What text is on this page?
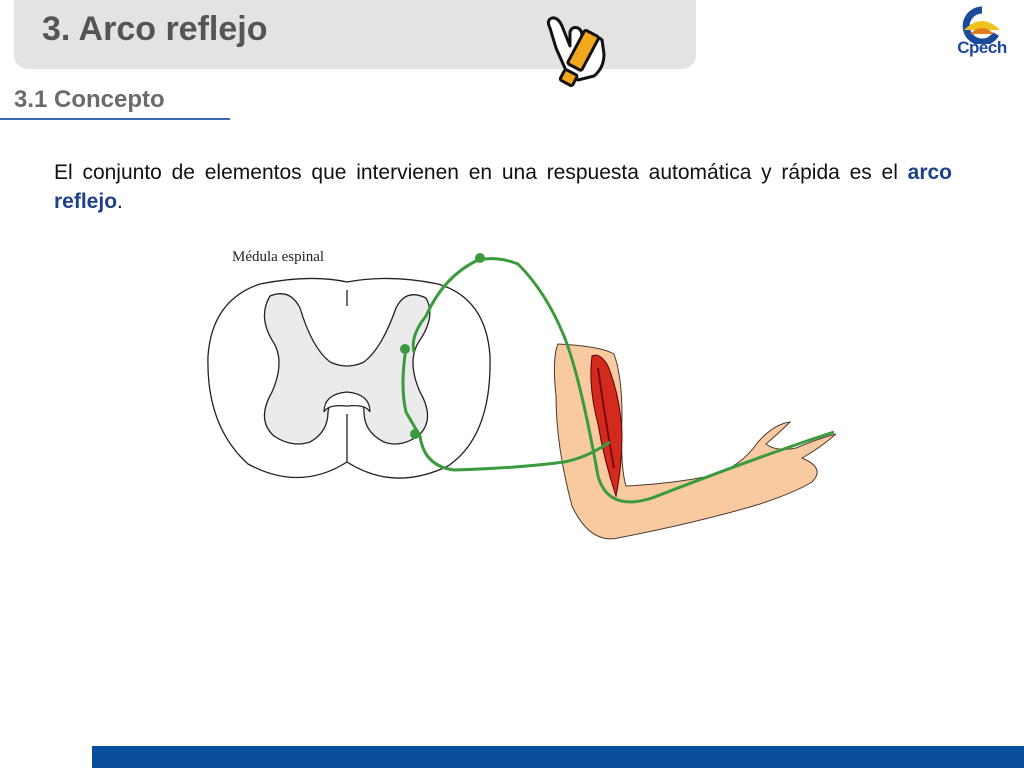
3. Arco reflejo	Cpech
3.1 Concepto
El conjunto de elementos que intervienen en una respuesta automática y rápida es el arco reflejo.
Médula espinal
